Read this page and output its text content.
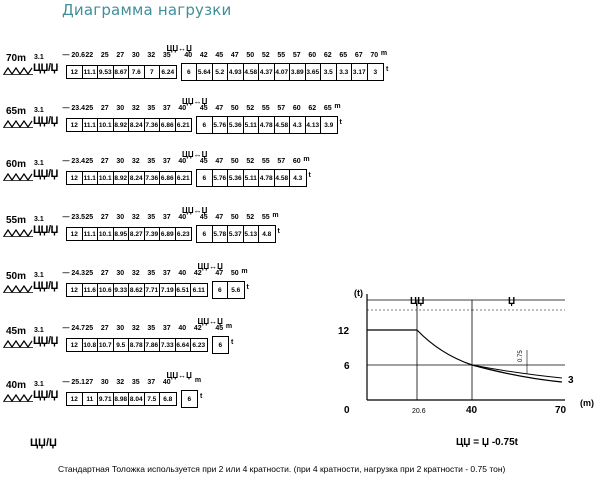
Диаграмма нагрузки
70m 3.1
ЦЏ/Џ
— 20.6 22 25 27 30 32 35 40 42 45 47 50 52 55 57 60 62 65 67 70 m
ЦЏ↔Џ
12 11.1 9.53 8.67 7.6	7	6.24	6	5.64 5.2 4.93 4.58 4.37 4.07 3.89 3.65 3.5 3.3 3.17	3	t
65m 3.1
ЦЏ/Џ
— 23.4 25 27 30 32 35 37 40 45 47 50 52 55 57 60 62 65 m
ЦЏ↔Џ
12 11.1 10.1 8.92 8.24 7.36 6.86 6.21	6	5.76 5.36 5.11 4.78 4.58 4.3 4.13 3.9 t
60m 3.1
ЦЏ/Џ
— 23.4 25 27 30 32 35 37 40 45 47 50 52 55 57 60 m
ЦЏ↔Џ
12 11.1 10.1 8.92 8.24 7.36 6.86 6.21	6	5.76 5.36 5.11 4.78 4.58 4.3 t
55m 3.1
ЦЏ/Џ
— 23.5 25 27 30 32 35 37 40 45 47 50 52 55 m
ЦЏ↔Џ
12 11.1 10.1 8.95 8.27 7.39 6.89 6.23	6	5.78 5.37 5.13 4.8 t
50m 3.1
ЦЏ/Џ
— 24.3 25 27 30 32 35 37 40 42 47 50 m
ЦЏ↔Џ
12 11.6 10.6 9.33 8.62 7.71 7.19 6.51 6.11	6	5.6 t
45m 3.1
ЦЏ/Џ
— 24.7 25 27 30 32 35 37 40 42 45 m
ЦЏ↔Џ
12 10.8 10.7 9.5 8.78 7.86 7.33 6.64 6.23	6	t
40m 3.1
ЦЏ/Џ
— 25.1 27 30 32 35 37 40	m
ЦЏ↔Џ
12	11 9.71 8.98 8.04 7.5	6.8	6	t
(t)
(m)
12
6
0	20.6	40	70
3
ЦЏ	Џ
0.75
ЦЏ/Џ	ЦЏ = Џ -0.75t
Стандартная Толожка используется при 2 или 4 кратности. (при 4 кратности, нагрузка при 2 кратности - 0.75 тон)
